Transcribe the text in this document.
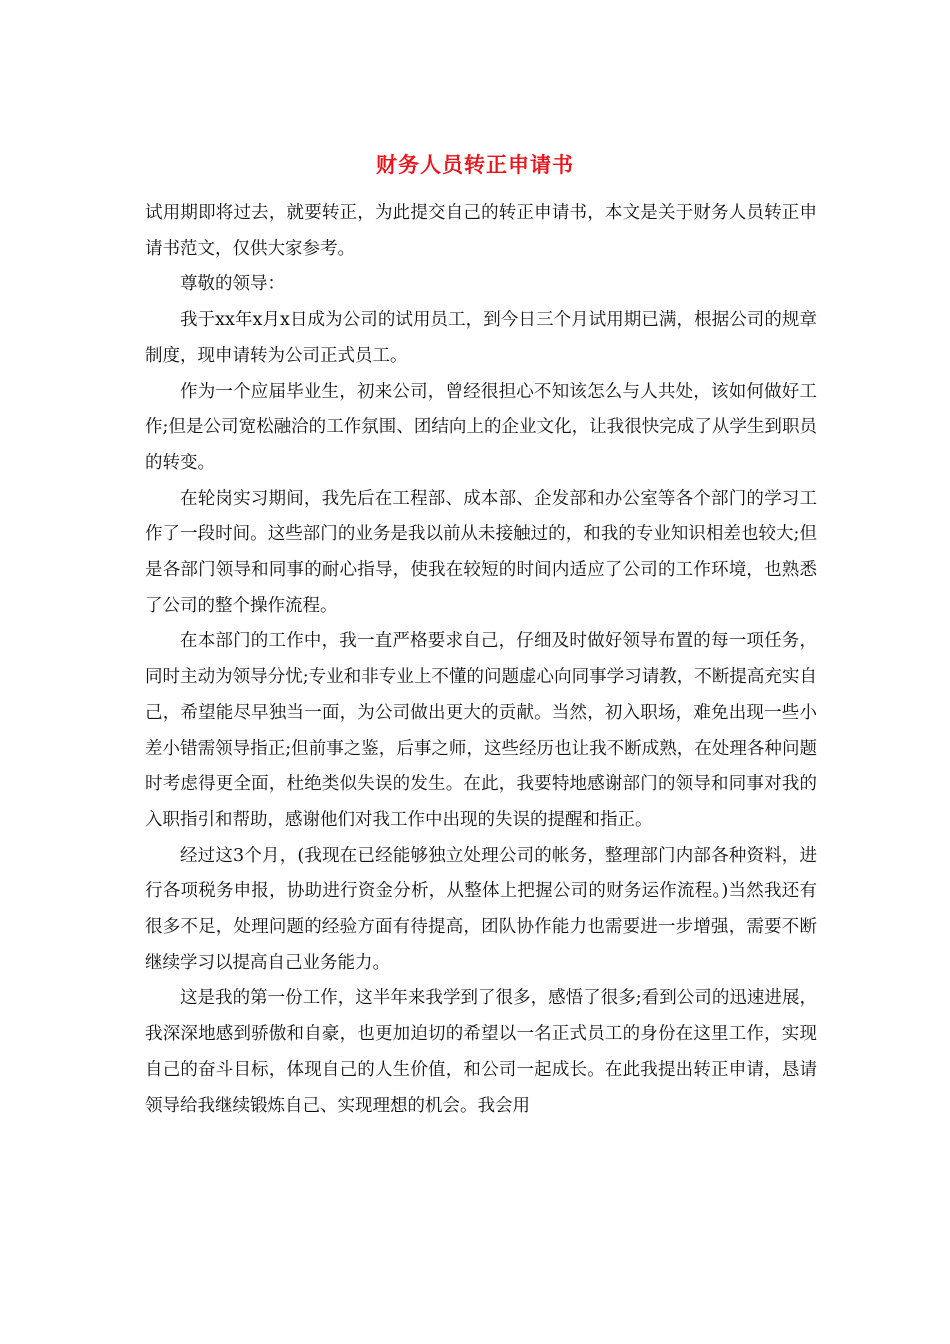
财务人员转正申请书

试用期即将过去，就要转正，为此提交自己的转正申请书，本文是关于财务人员转正申请书范文，仅供大家参考。

尊敬的领导：

我于xx年x月x日成为公司的试用员工，到今日三个月试用期已满，根据公司的规章制度，现申请转为公司正式员工。

作为一个应届毕业生，初来公司，曾经很担心不知该怎么与人共处，该如何做好工作;但是公司宽松融洽的工作氛围、团结向上的企业文化，让我很快完成了从学生到职员的转变。

在轮岗实习期间，我先后在工程部、成本部、企发部和办公室等各个部门的学习工作了一段时间。这些部门的业务是我以前从未接触过的，和我的专业知识相差也较大;但是各部门领导和同事的耐心指导，使我在较短的时间内适应了公司的工作环境，也熟悉了公司的整个操作流程。

在本部门的工作中，我一直严格要求自己，仔细及时做好领导布置的每一项任务，同时主动为领导分忧;专业和非专业上不懂的问题虚心向同事学习请教，不断提高充实自己，希望能尽早独当一面，为公司做出更大的贡献。当然，初入职场，难免出现一些小差小错需领导指正;但前事之鉴，后事之师，这些经历也让我不断成熟，在处理各种问题时考虑得更全面，杜绝类似失误的发生。在此，我要特地感谢部门的领导和同事对我的入职指引和帮助，感谢他们对我工作中出现的失误的提醒和指正。

经过这3个月，(我现在已经能够独立处理公司的帐务，整理部门内部各种资料，进行各项税务申报，协助进行资金分析，从整体上把握公司的财务运作流程。)当然我还有很多不足，处理问题的经验方面有待提高，团队协作能力也需要进一步增强，需要不断继续学习以提高自己业务能力。

这是我的第一份工作，这半年来我学到了很多，感悟了很多;看到公司的迅速进展，我深深地感到骄傲和自豪，也更加迫切的希望以一名正式员工的身份在这里工作，实现自己的奋斗目标，体现自己的人生价值，和公司一起成长。在此我提出转正申请，恳请领导给我继续锻炼自己、实现理想的机会。我会用
